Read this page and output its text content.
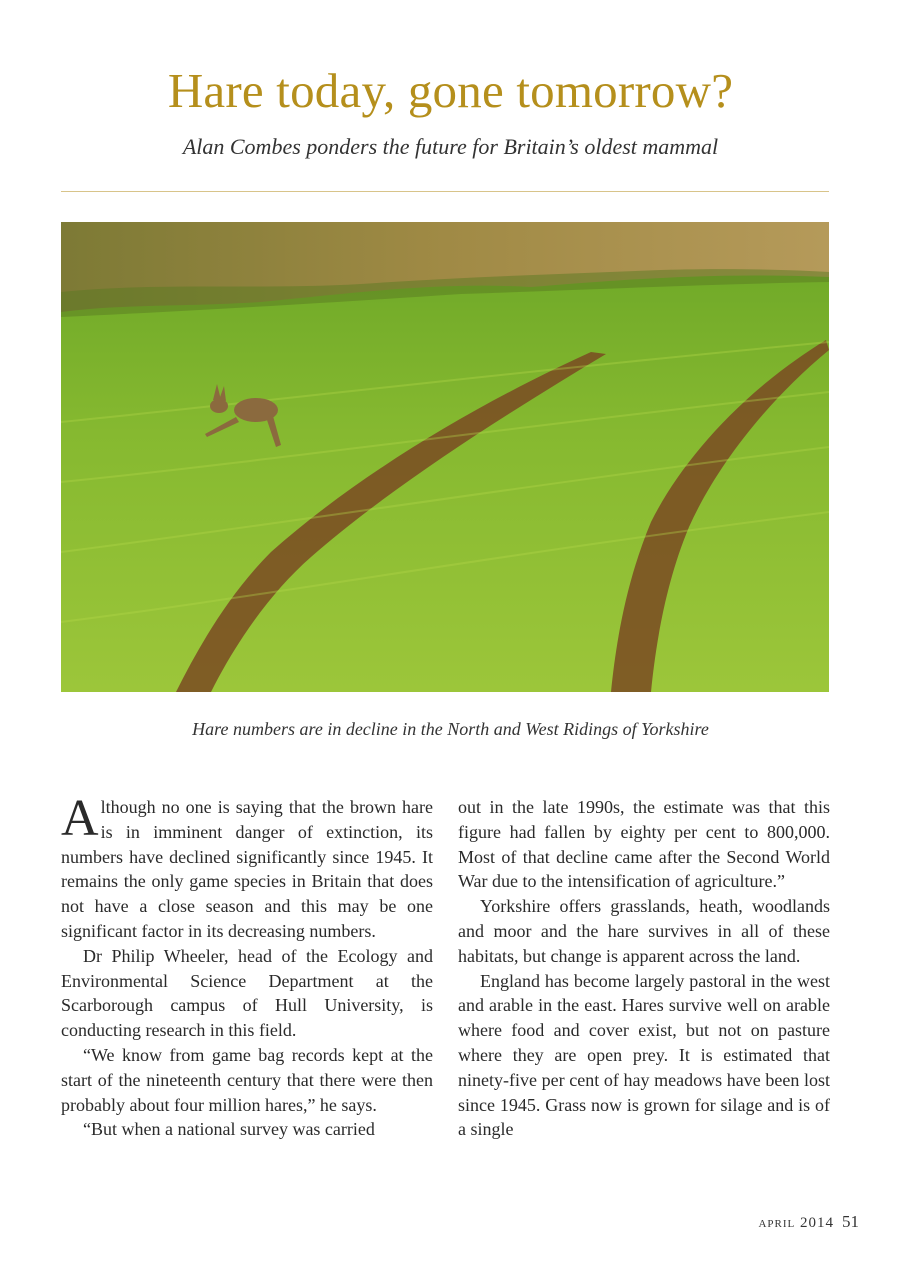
Hare today, gone tomorrow?
Alan Combes ponders the future for Britain’s oldest mammal
Hare numbers are in decline in the North and West Ridings of Yorkshire

Although no one is saying that the brown hare is in imminent danger of extinction, its numbers have declined significantly since 1945. It remains the only game species in Britain that does not have a close season and this may be one significant factor in its decreasing numbers.

Dr Philip Wheeler, head of the Ecology and Environmental Science Department at the Scarborough campus of Hull University, is conducting research in this field.

“We know from game bag records kept at the start of the nineteenth century that there were then probably about four million hares,” he says.

“But when a national survey was carried

out in the late 1990s, the estimate was that this figure had fallen by eighty per cent to 800,000. Most of that decline came after the Second World War due to the intensification of agriculture.”

Yorkshire offers grasslands, heath, woodlands and moor and the hare survives in all of these habitats, but change is apparent across the land.

England has become largely pastoral in the west and arable in the east. Hares survive well on arable where food and cover exist, but not on pasture where they are open prey. It is estimated that ninety-five per cent of hay meadows have been lost since 1945. Grass now is grown for silage and is of a single

april 2014 51
